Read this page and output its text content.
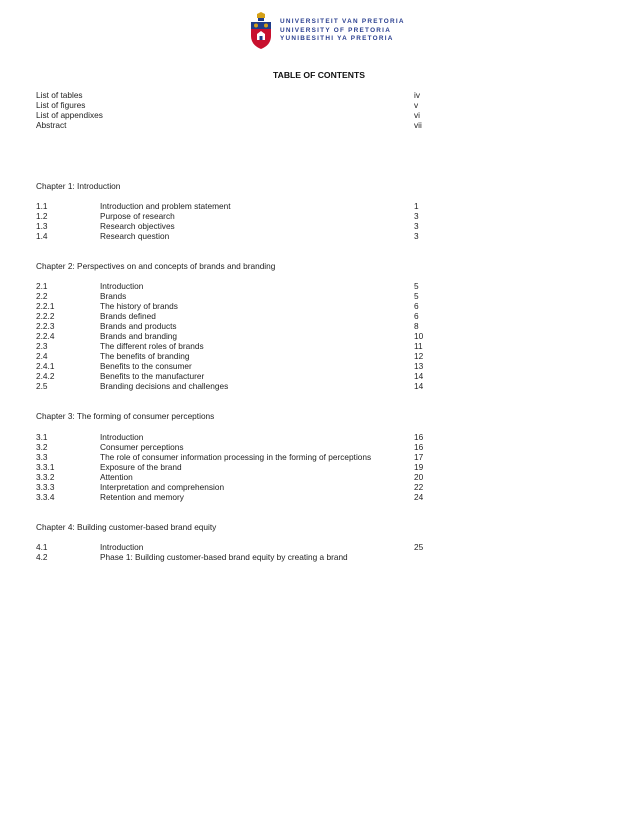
UNIVERSITEIT VAN PRETORIA
UNIVERSITY OF PRETORIA
YUNIBESITHI YA PRETORIA
TABLE OF CONTENTS
List of tables	iv
List of figures	v
List of appendixes	vi
Abstract	vii
Chapter 1: Introduction
1.1	Introduction and problem statement	1
1.2	Purpose of research	3
1.3	Research objectives	3
1.4	Research question	3
Chapter 2: Perspectives on and concepts of brands and branding
2.1	Introduction	5
2.2	Brands	5
2.2.1	The history of brands	6
2.2.2	Brands defined	6
2.2.3	Brands and products	8
2.2.4	Brands and branding	10
2.3	The different roles of brands	11
2.4	The benefits of branding	12
2.4.1	Benefits to the consumer	13
2.4.2	Benefits to the manufacturer	14
2.5	Branding decisions and challenges	14
Chapter 3: The forming of consumer perceptions
3.1	Introduction	16
3.2	Consumer perceptions	16
3.3	The role of consumer information processing in the forming of perceptions	17
3.3.1	Exposure of the brand	19
3.3.2	Attention	20
3.3.3	Interpretation and comprehension	22
3.3.4	Retention and memory	24
Chapter 4: Building customer-based brand equity
4.1	Introduction	25
4.2	Phase 1: Building customer-based brand equity by creating a brand
